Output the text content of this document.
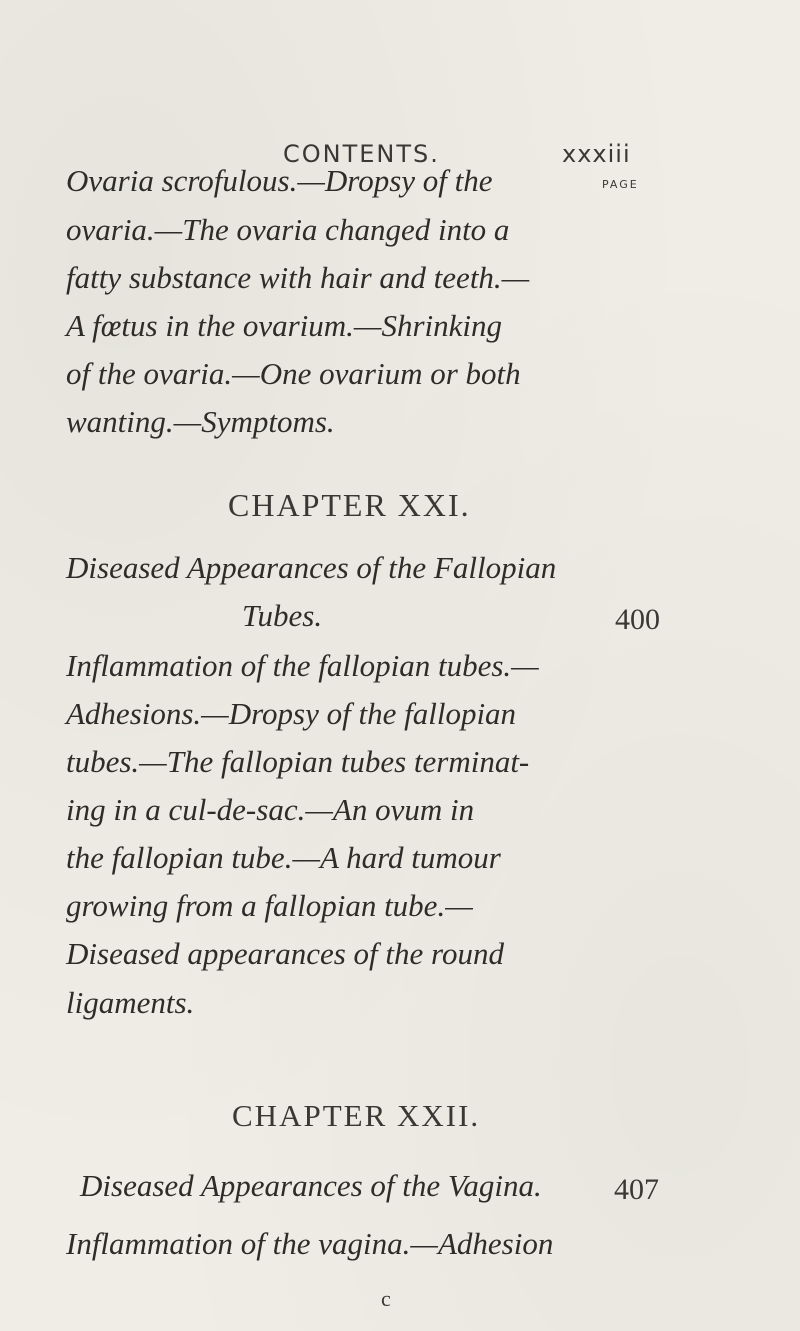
CONTENTS.	xxxiii
PAGE
Ovaria scrofulous.—Dropsy of the
ovaria.—The ovaria changed into a
fatty substance with hair and teeth.—
A fœtus in the ovarium.—Shrinking
of the ovaria.—One ovarium or both
wanting.—Symptoms.
CHAPTER XXI.
Diseased Appearances of the Fallopian
Tubes.	400
Inflammation of the fallopian tubes.—
Adhesions.—Dropsy of the fallopian
tubes.—The fallopian tubes terminat-
ing in a cul-de-sac.—An ovum in
the fallopian tube.—A hard tumour
growing from a fallopian tube.—
Diseased appearances of the round
ligaments.
CHAPTER XXII.
Diseased Appearances of the Vagina. 407
Inflammation of the vagina.—Adhesion
c
